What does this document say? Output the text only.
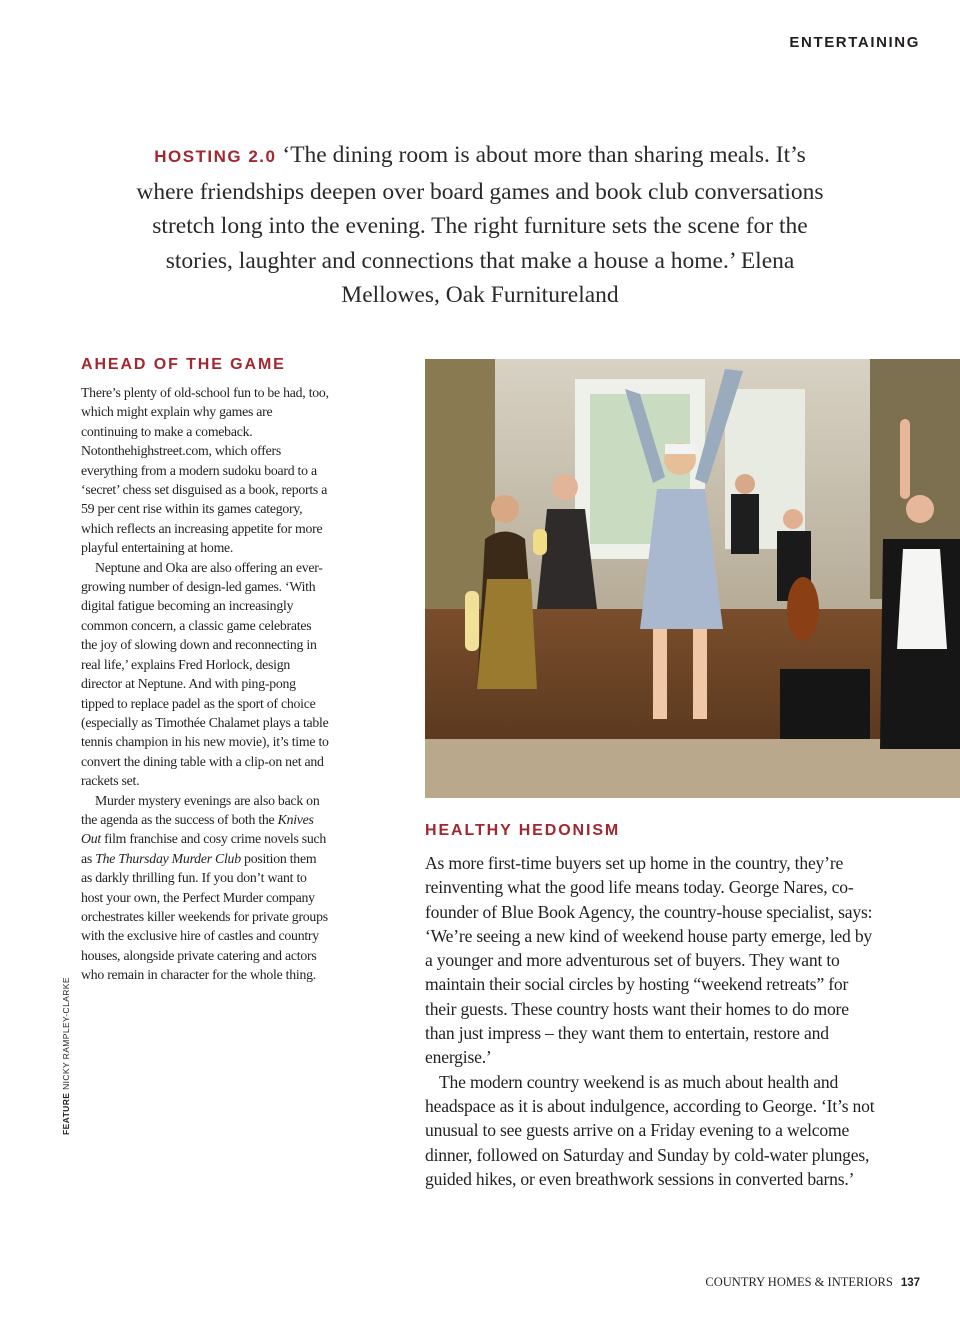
ENTERTAINING
HOSTING 2.0 ‘The dining room is about more than sharing meals. It’s where friendships deepen over board games and book club conversations stretch long into the evening. The right furniture sets the scene for the stories, laughter and connections that make a house a home.’ Elena Mellowes, Oak Furnitureland
AHEAD OF THE GAME

There’s plenty of old-school fun to be had, too, which might explain why games are continuing to make a comeback. Notonthehighstreet.com, which offers everything from a modern sudoku board to a ‘secret’ chess set disguised as a book, reports a 59 per cent rise within its games category, which reflects an increasing appetite for more playful entertaining at home.

Neptune and Oka are also offering an ever-growing number of design-led games. ‘With digital fatigue becoming an increasingly common concern, a classic game celebrates the joy of slowing down and reconnecting in real life,’ explains Fred Horlock, design director at Neptune. And with ping-pong tipped to replace padel as the sport of choice (especially as Timothée Chalamet plays a table tennis champion in his new movie), it’s time to convert the dining table with a clip-on net and rackets set.

Murder mystery evenings are also back on the agenda as the success of both the Knives Out film franchise and cosy crime novels such as The Thursday Murder Club position them as darkly thrilling fun. If you don’t want to host your own, the Perfect Murder company orchestrates killer weekends for private groups with the exclusive hire of castles and country houses, alongside private catering and actors who remain in character for the whole thing.

HEALTHY HEDONISM

As more first-time buyers set up home in the country, they’re reinventing what the good life means today. George Nares, co-founder of Blue Book Agency, the country-house specialist, says: ‘We’re seeing a new kind of weekend house party emerge, led by a younger and more adventurous set of buyers. They want to maintain their social circles by hosting “weekend retreats” for their guests. These country hosts want their homes to do more than just impress – they want them to entertain, restore and energise.’

The modern country weekend is as much about health and headspace as it is about indulgence, according to George. ‘It’s not unusual to see guests arrive on a Friday evening to a welcome dinner, followed on Saturday and Sunday by cold-water plunges, guided hikes, or even breathwork sessions in converted barns.’

FEATURE NICKY RAMPLEY-CLARKE
COUNTRY HOMES & INTERIORS 137
